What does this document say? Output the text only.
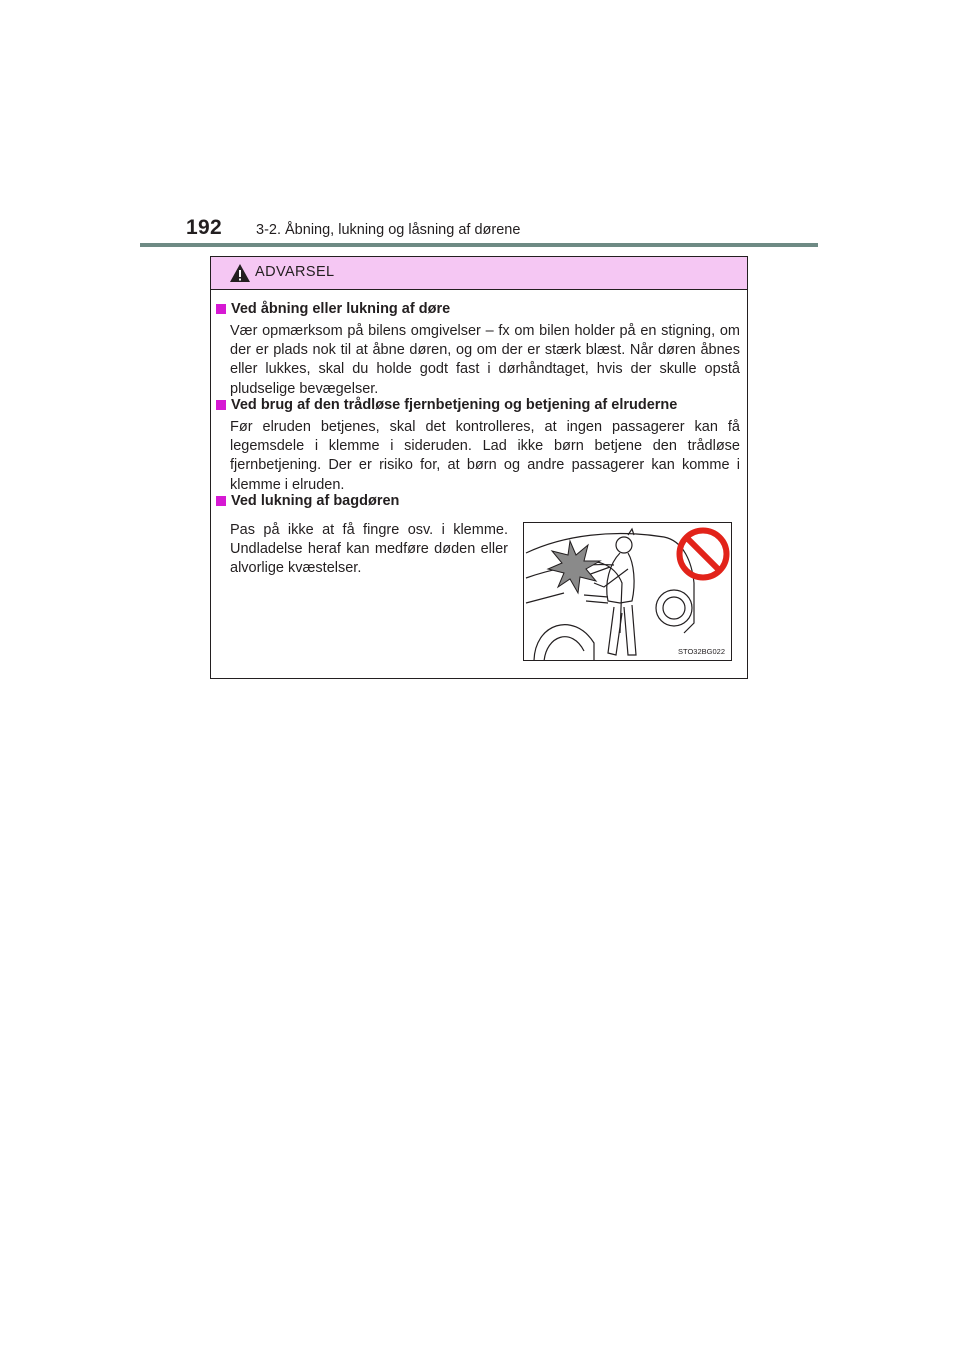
192 3-2. Åbning, lukning og låsning af dørene
ADVARSEL
Ved åbning eller lukning af døre
Vær opmærksom på bilens omgivelser – fx om bilen holder på en stigning, om der er plads nok til at åbne døren, og om der er stærk blæst. Når døren åbnes eller lukkes, skal du holde godt fast i dørhåndtaget, hvis der skulle opstå pludselige bevægelser.
Ved brug af den trådløse fjernbetjening og betjening af elruderne
Før elruden betjenes, skal det kontrolleres, at ingen passagerer kan få legemsdele i klemme i sideruden. Lad ikke børn betjene den trådløse fjernbetjening. Der er risiko for, at børn og andre passagerer kan komme i klemme i elruden.
Ved lukning af bagdøren
Pas på ikke at få fingre osv. i klemme. Undladelse heraf kan medføre døden eller alvorlige kvæstelser.
STO32BG022
